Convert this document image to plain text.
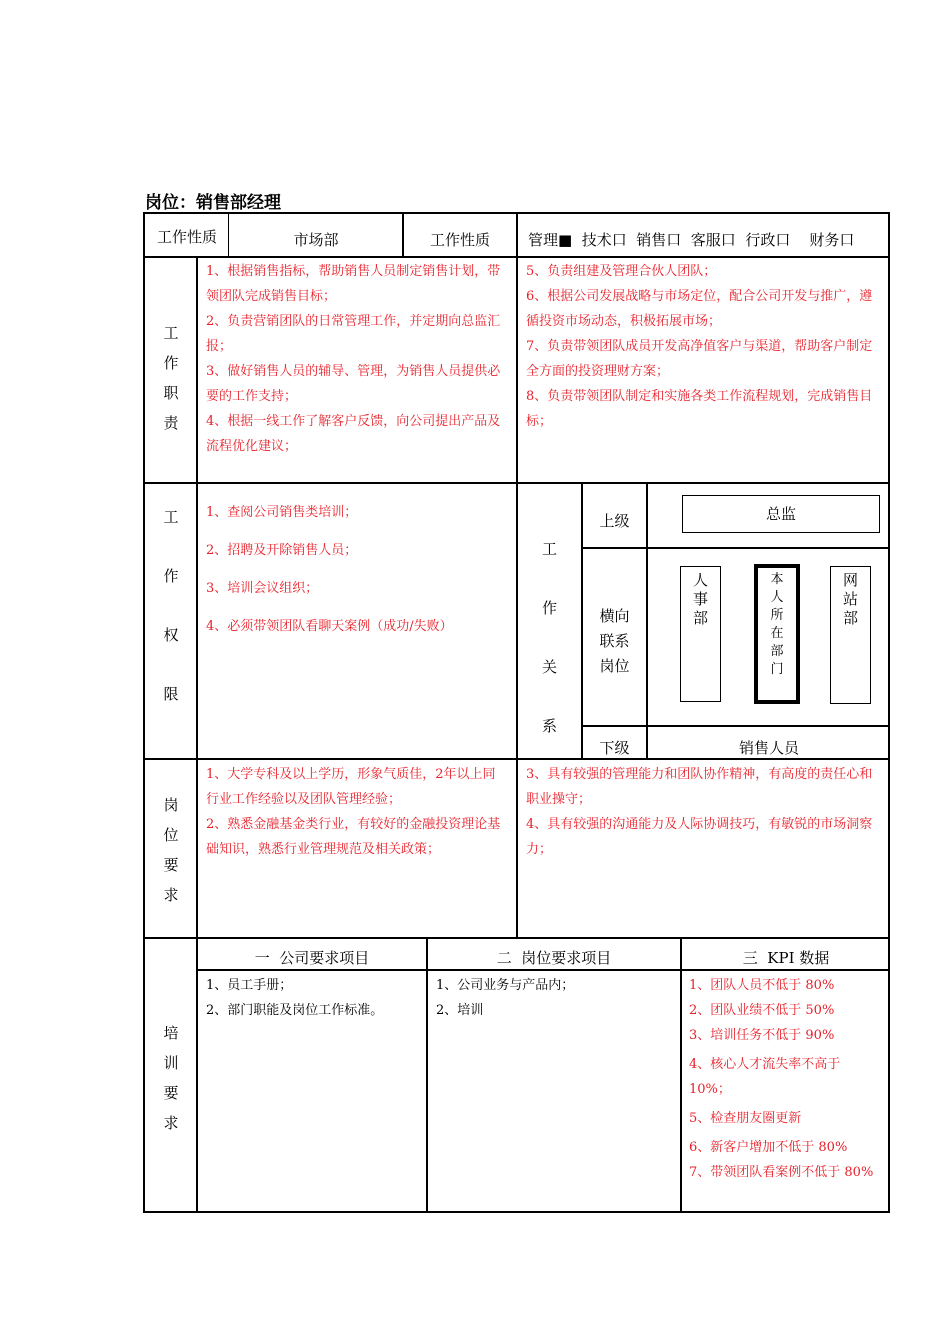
岗位：销售部经理
工作性质	市场部	工作性质	管理■  技术口  销售口  客服口  行政口    财务口
工
作
职
责
1、根据销售指标，帮助销售人员制定销售计划，带领团队完成销售目标；
2、负责营销团队的日常管理工作，并定期向总监汇报；
3、做好销售人员的辅导、管理，为销售人员提供必要的工作支持；
4、根据一线工作了解客户反馈，向公司提出产品及流程优化建议；
5、负责组建及管理合伙人团队；
6、根据公司发展战略与市场定位，配合公司开发与推广，遵循投资市场动态，积极拓展市场；
7、负责带领团队成员开发高净值客户与渠道，帮助客户制定全方面的投资理财方案；
8、负责带领团队制定和实施各类工作流程规划，完成销售目标；
工
作
权
限
1、查阅公司销售类培训；
2、招聘及开除销售人员；
3、培训会议组织；
4、必须带领团队看聊天案例（成功/失败）
工
作
关
系
上级	总监
横向
联系
岗位
人
事
部
本
人
所
在
部
门
网
站
部
下级	销售人员
岗
位
要
求
1、大学专科及以上学历，形象气质佳，2年以上同行业工作经验以及团队管理经验；
2、熟悉金融基金类行业，有较好的金融投资理论基础知识，熟悉行业管理规范及相关政策；
3、具有较强的管理能力和团队协作精神，有高度的责任心和职业操守；
4、具有较强的沟通能力及人际协调技巧，有敏锐的市场洞察力；
培
训
要
求
一  公司要求项目	二  岗位要求项目	三  KPI 数据
1、员工手册；
2、部门职能及岗位工作标准。
1、公司业务与产品内；
2、培训
1、团队人员不低于 80%
2、团队业绩不低于 50%
3、培训任务不低于 90%
4、核心人才流失率不高于 10%；
5、检查朋友圈更新
6、新客户增加不低于 80%
7、带领团队看案例不低于 80%
